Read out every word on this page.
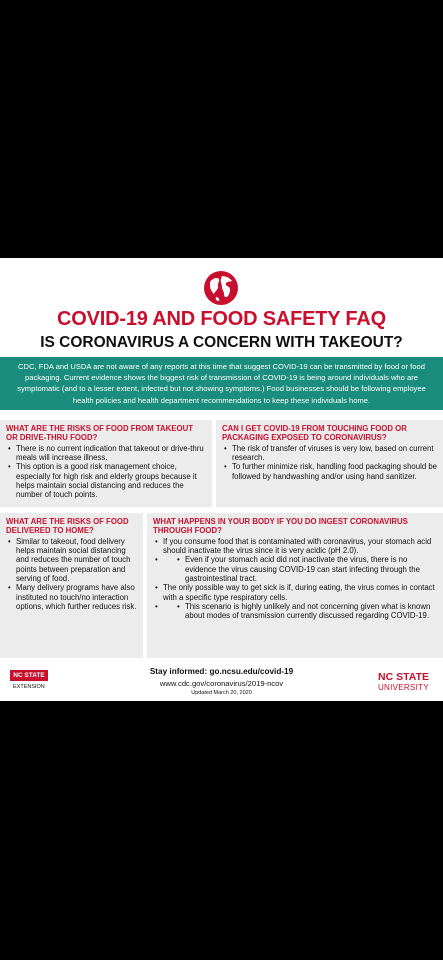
COVID-19 AND FOOD SAFETY FAQ
IS CORONAVIRUS A CONCERN WITH TAKEOUT?
CDC, FDA and USDA are not aware of any reports at this time that suggest COVID-19 can be transmitted by food or food packaging. Current evidence shows the biggest risk of transmission of COVID-19 is being around individuals who are symptomatic (and to a lesser extent, infected but not showing symptoms.) Food businesses should be following employee health policies and health department recommendations to keep these individuals home.
WHAT ARE THE RISKS OF FOOD FROM TAKEOUT OR DRIVE-THRU FOOD?
• There is no current indication that takeout or drive-thru meals will increase illness.
• This option is a good risk management choice, especially for high risk and elderly groups because it helps maintain social distancing and reduces the number of touch points.
CAN I GET COVID-19 FROM TOUCHING FOOD OR PACKAGING EXPOSED TO CORONAVIRUS?
• The risk of transfer of viruses is very low, based on current research.
• To further minimize risk, handling food packaging should be followed by handwashing and/or using hand sanitizer.
WHAT ARE THE RISKS OF FOOD DELIVERED TO HOME?
• Similar to takeout, food delivery helps maintain social distancing and reduces the number of touch points between preparation and serving of food.
• Many delivery programs have also instituted no touch/no interaction options, which further reduces risk.
WHAT HAPPENS IN YOUR BODY IF YOU DO INGEST CORONAVIRUS THROUGH FOOD?
• If you consume food that is contaminated with coronavirus, your stomach acid should inactivate the virus since it is very acidic (pH 2.0).
• • Even if your stomach acid did not inactivate the virus, there is no evidence the virus causing COVID-19 can start infecting through the gastrointestinal tract.
• The only possible way to get sick is if, during eating, the virus comes in contact with a specific type respiratory cells.
• • This scenario is highly unlikely and not concerning given what is known about modes of transmission currently discussed regarding COVID-19.
NC STATE
EXTENSION
Stay informed: go.ncsu.edu/covid-19
www.cdc.gov/coronavirus/2019-ncov
Updated March 20, 2020
NC STATE
UNIVERSITY
